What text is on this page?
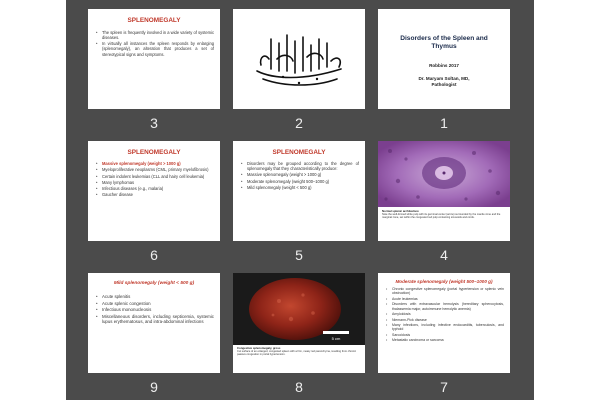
SPLENOMEGALY
• The spleen is frequently involved in a wide variety of systemic diseases.
• In virtually all instances the spleen responds by enlarging (splenomegaly), an alteration that produces a set of stereotypical signs and symptoms.
3	2
Disorders of the Spleen and Thymus
Robbins 2017
Dr. Maryam Soltan, MD,
Pathologist
1
SPLENOMEGALY
• Massive splenomegaly (weight > 1000 g)
• Myeloproliferative neoplasms (CML, primary myelofibrosis)
• Certain indolent leukemias (CLL and hairy cell leukemia)
• Many lymphomas
• Infectious diseases (e.g., malaria)
• Gaucher disease
6
SPLENOMEGALY
• Disorders may be grouped according to the degree of splenomegaly that they characteristically produce:
• Massive splenomegaly (weight > 1000 g)
• Moderate splenomegaly (weight 500–1000 g)
• Mild splenomegaly (weight < 500 g)
5
Normal splenic architecture
Note the well-formed white pulp with its germinal center (arrow) surrounded by the mantle zone and the marginal zone, set within the congested red pulp containing sinusoids and cords.
4
Mild splenomegaly (weight < 500 g)
• Acute splenitis
• Acute splenic congestion
• Infectious mononucleosis
• Miscellaneous disorders, including septicemia, systemic lupus erythematosus, and intra-abdominal infections
9
5 cm
Congestive splenomegaly, gross
Cut surface of an enlarged, congested spleen with a firm, meaty red parenchyma, resulting from chronic passive congestion in portal hypertension.
8
Moderate splenomegaly (weight 500–1000 g)
• Chronic congestive splenomegaly (portal hypertension or splenic vein obstruction)
• Acute leukemias
• Disorders with extravascular hemolysis (hereditary spherocytosis, thalassemia major, autoimmune hemolytic anemia)
• Amyloidosis
• Niemann-Pick disease
• Many infections, including infective endocarditis, tuberculosis, and typhoid
• Sarcoidosis
• Metastatic carcinoma or sarcoma
7
